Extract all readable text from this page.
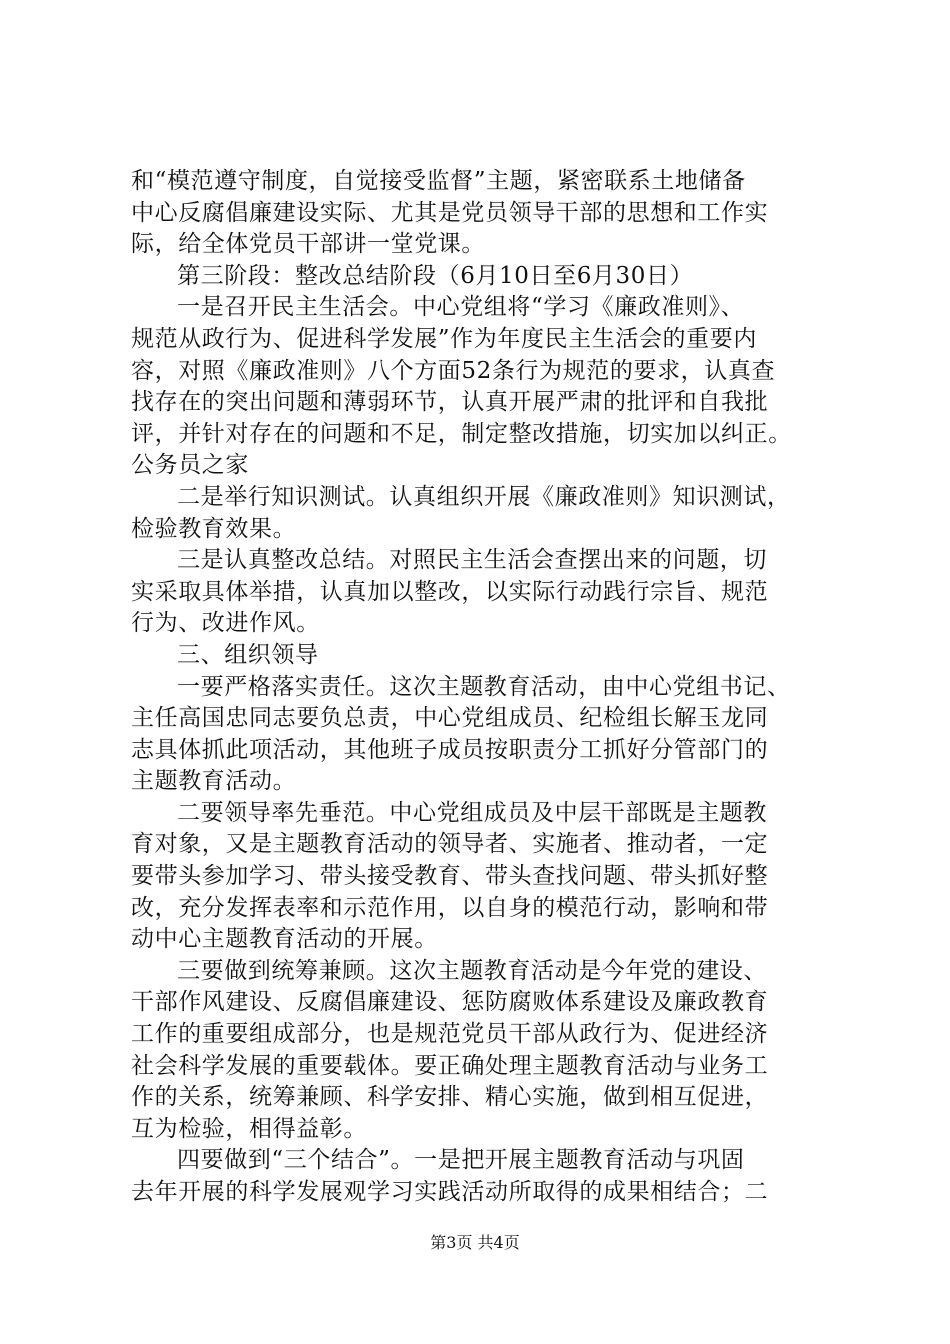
和“模范遵守制度，自觉接受监督”主题，紧密联系土地储备
中心反腐倡廉建设实际、尤其是党员领导干部的思想和工作实
际，给全体党员干部讲一堂党课。
第三阶段：整改总结阶段（6月10日至6月30日）
一是召开民主生活会。中心党组将“学习《廉政准则》、
规范从政行为、促进科学发展”作为年度民主生活会的重要内
容，对照《廉政准则》八个方面52条行为规范的要求，认真查
找存在的突出问题和薄弱环节，认真开展严肃的批评和自我批
评，并针对存在的问题和不足，制定整改措施，切实加以纠正。
公务员之家
二是举行知识测试。认真组织开展《廉政准则》知识测试，
检验教育效果。
三是认真整改总结。对照民主生活会查摆出来的问题，切
实采取具体举措，认真加以整改，以实际行动践行宗旨、规范
行为、改进作风。
三、组织领导
一要严格落实责任。这次主题教育活动，由中心党组书记、
主任高国忠同志要负总责，中心党组成员、纪检组长解玉龙同
志具体抓此项活动，其他班子成员按职责分工抓好分管部门的
主题教育活动。
二要领导率先垂范。中心党组成员及中层干部既是主题教
育对象，又是主题教育活动的领导者、实施者、推动者，一定
要带头参加学习、带头接受教育、带头查找问题、带头抓好整
改，充分发挥表率和示范作用，以自身的模范行动，影响和带
动中心主题教育活动的开展。
三要做到统筹兼顾。这次主题教育活动是今年党的建设、
干部作风建设、反腐倡廉建设、惩防腐败体系建设及廉政教育
工作的重要组成部分，也是规范党员干部从政行为、促进经济
社会科学发展的重要载体。要正确处理主题教育活动与业务工
作的关系，统筹兼顾、科学安排、精心实施，做到相互促进，
互为检验，相得益彰。
四要做到“三个结合”。一是把开展主题教育活动与巩固
去年开展的科学发展观学习实践活动所取得的成果相结合；二
第3页 共4页
